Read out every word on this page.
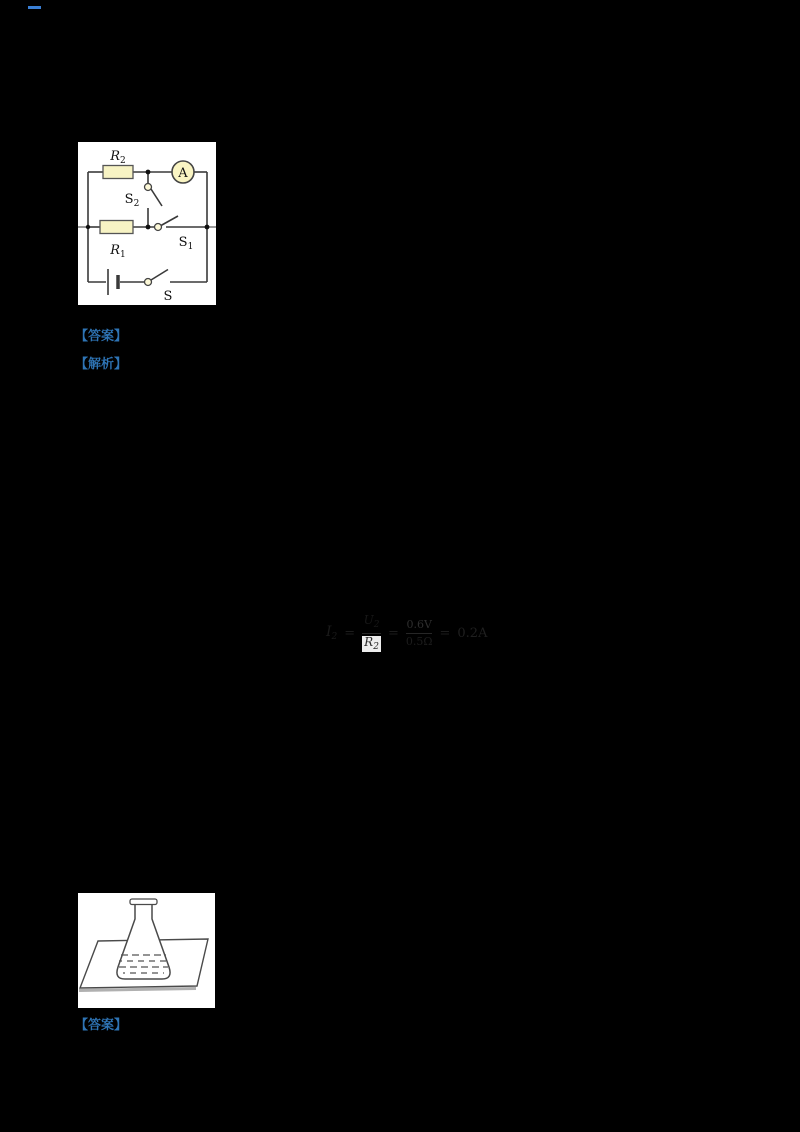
A
$R_2$
$S_2$
$R_1$
$S_1$
S
【答案】
【解析】
$I_2 = \frac{U_2}{R_2} = \frac{0.6V}{0.5\Omega} = 0.2A$
【答案】
